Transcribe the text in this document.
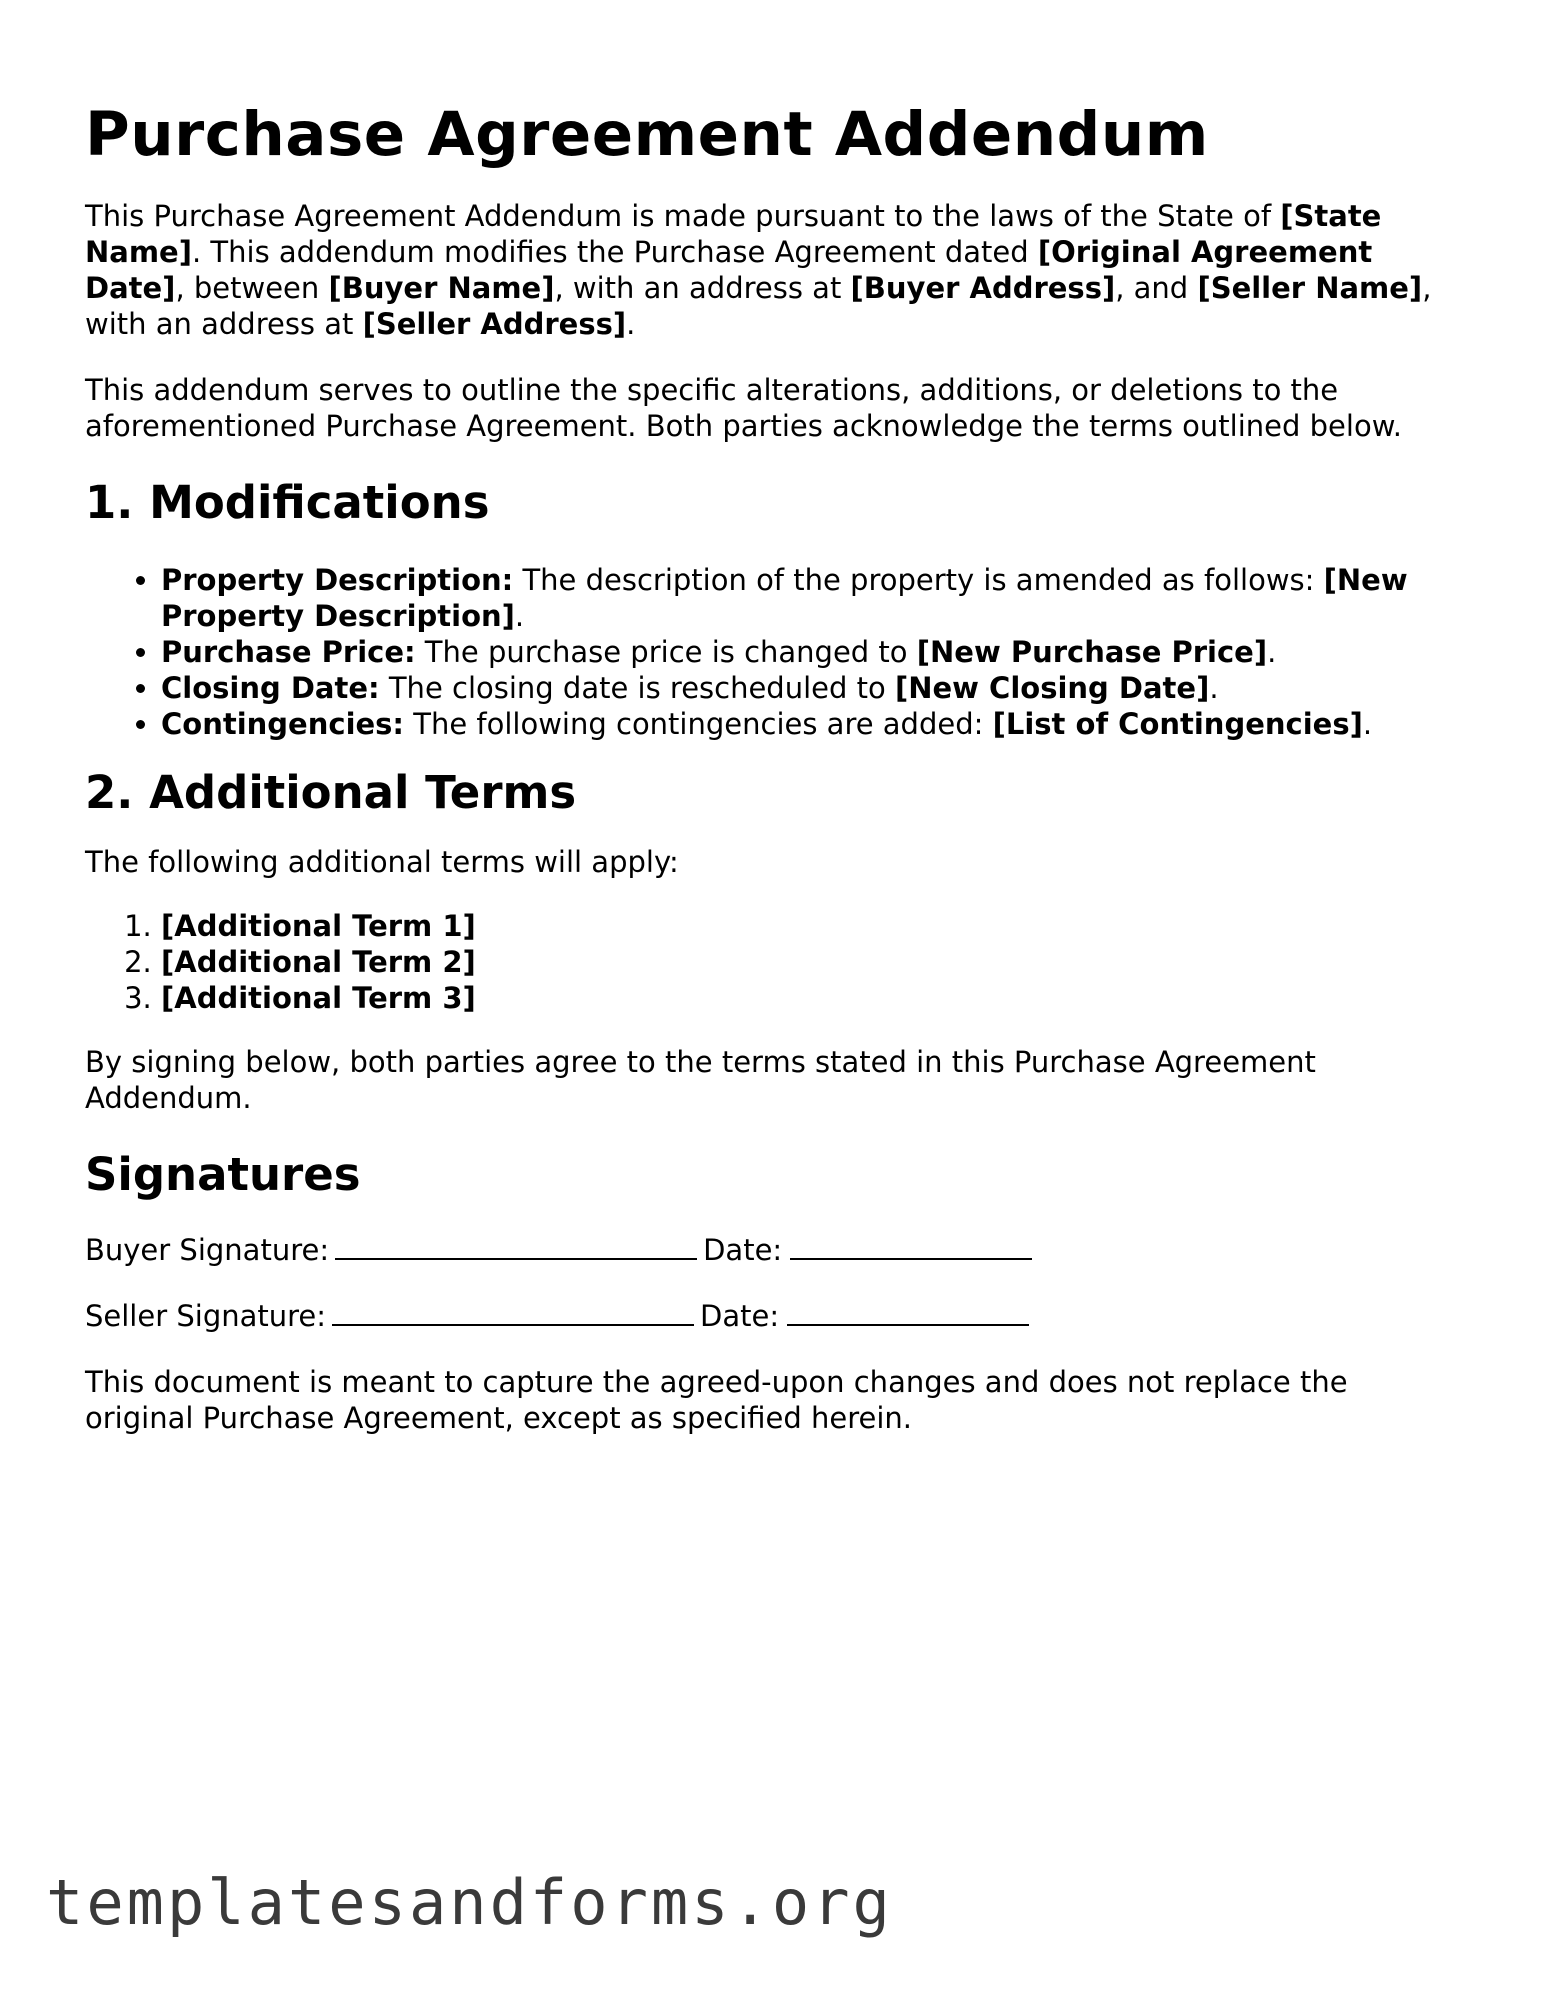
Purchase Agreement Addendum

This Purchase Agreement Addendum is made pursuant to the laws of the State of [State Name]. This addendum modifies the Purchase Agreement dated [Original Agreement Date], between [Buyer Name], with an address at [Buyer Address], and [Seller Name], with an address at [Seller Address].

This addendum serves to outline the specific alterations, additions, or deletions to the aforementioned Purchase Agreement. Both parties acknowledge the terms outlined below.

1. Modifications
• Property Description: The description of the property is amended as follows: [New Property Description].
• Purchase Price: The purchase price is changed to [New Purchase Price].
• Closing Date: The closing date is rescheduled to [New Closing Date].
• Contingencies: The following contingencies are added: [List of Contingencies].
2. Additional Terms

The following additional terms will apply:

1. [Additional Term 1]
2. [Additional Term 2]
3. [Additional Term 3]

By signing below, both parties agree to the terms stated in this Purchase Agreement Addendum.

Signatures

Buyer Signature:	Date:

Seller Signature:	Date:

This document is meant to capture the agreed-upon changes and does not replace the original Purchase Agreement, except as specified herein.

templatesandforms.org
